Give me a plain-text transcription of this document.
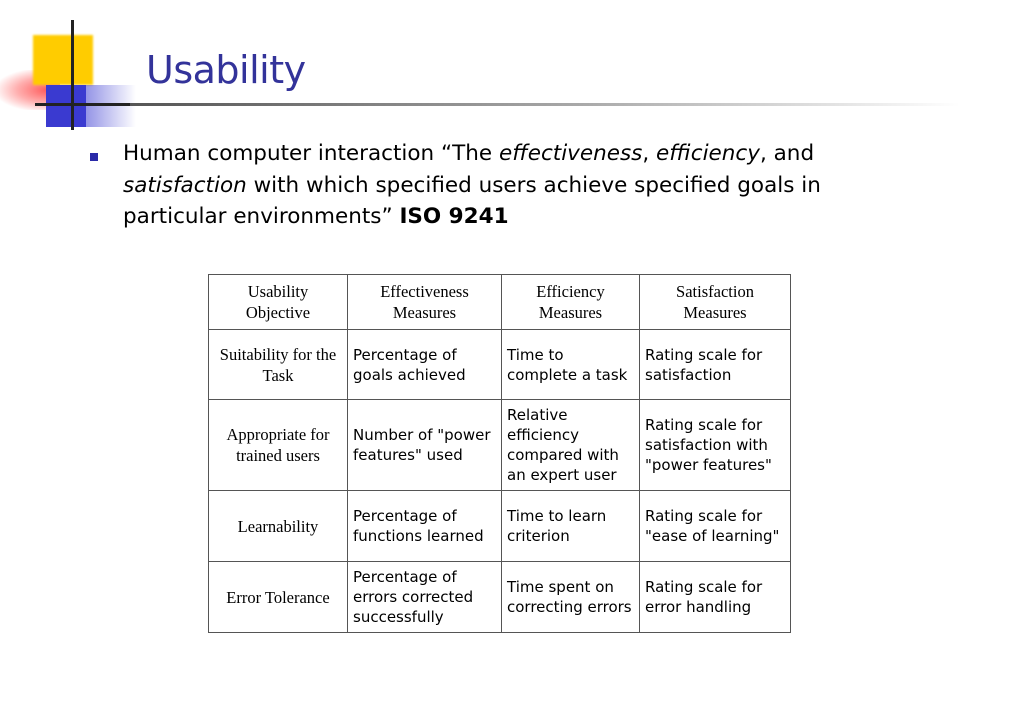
Usability

Human computer interaction “The effectiveness, efficiency, and satisfaction with which specified users achieve specified goals in particular environments” ISO 9241

Usability Objective	Effectiveness Measures	Efficiency Measures	Satisfaction Measures
Suitability for the Task	Percentage of goals achieved	Time to complete a task	Rating scale for satisfaction
Appropriate for trained users	Number of "power features" used	Relative efficiency compared with an expert user	Rating scale for satisfaction with "power features"
Learnability	Percentage of functions learned	Time to learn criterion	Rating scale for "ease of learning"
Error Tolerance	Percentage of errors corrected successfully	Time spent on correcting errors	Rating scale for error handling
